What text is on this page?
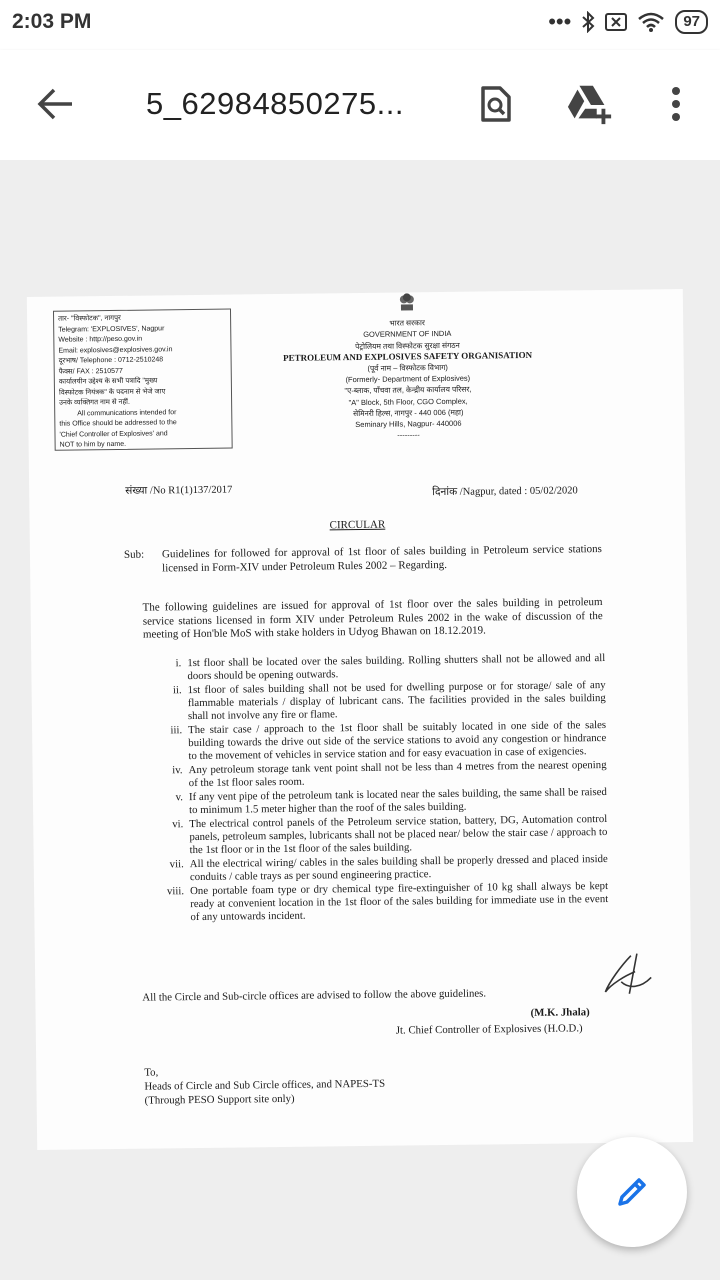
2:03 PM	•••	97
5_62984850275...
तार- "विस्फोटक", नागपुर
Telegram: 'EXPLOSIVES', Nagpur
Website : http://peso.gov.in
Email: explosives@explosives.gov.in
दूरभाष/ Telephone : 0712-2510248
फैक्स/ FAX : 2510577
कार्यालयीन उद्देश्य के सभी पत्रादि "मुख्य
विस्फोटक नियंत्रक" के पदनाम से भेजे जाए
उनके व्यक्तिगत नाम से नहीं.
All communications intended for
this Office should be addressed to the
'Chief Controller of Explosives' and
NOT to him by name.
भारत सरकार
GOVERNMENT OF INDIA
पेट्रोलियम तथा विस्फोटक सुरक्षा संगठन
PETROLEUM AND EXPLOSIVES SAFETY ORGANISATION
(पूर्व नाम – विस्फोटक विभाग)
(Formerly- Department of Explosives)
"ए-ब्लाक, पाँचवा तल, केन्द्रीय कार्यालय परिसर,
"A" Block, 5th Floor, CGO Complex,
सेमिनरी हिल्स, नागपुर - 440 006 (महा)
Seminary Hills, Nagpur- 440006
---------
संख्या /No R1(1)137/2017	दिनांक /Nagpur, dated : 05/02/2020
CIRCULAR
Sub: Guidelines for followed for approval of 1st floor of sales building in Petroleum service stations licensed in Form-XIV under Petroleum Rules 2002 – Regarding.
The following guidelines are issued for approval of 1st floor over the sales building in petroleum service stations licensed in form XIV under Petroleum Rules 2002 in the wake of discussion of the meeting of Hon'ble MoS with stake holders in Udyog Bhawan on 18.12.2019.
i. 1st floor shall be located over the sales building. Rolling shutters shall not be allowed and all doors should be opening outwards.
ii. 1st floor of sales building shall not be used for dwelling purpose or for storage/ sale of any flammable materials / display of lubricant cans. The facilities provided in the sales building shall not involve any fire or flame.
iii. The stair case / approach to the 1st floor shall be suitably located in one side of the sales building towards the drive out side of the service stations to avoid any congestion or hindrance to the movement of vehicles in service station and for easy evacuation in case of exigencies.
iv. Any petroleum storage tank vent point shall not be less than 4 metres from the nearest opening of the 1st floor sales room.
v. If any vent pipe of the petroleum tank is located near the sales building, the same shall be raised to minimum 1.5 meter higher than the roof of the sales building.
vi. The electrical control panels of the Petroleum service station, battery, DG, Automation control panels, petroleum samples, lubricants shall not be placed near/ below the stair case / approach to the 1st floor or in the 1st floor of the sales building.
vii. All the electrical wiring/ cables in the sales building shall be properly dressed and placed inside conduits / cable trays as per sound engineering practice.
viii. One portable foam type or dry chemical type fire-extinguisher of 10 kg shall always be kept ready at convenient location in the 1st floor of the sales building for immediate use in the event of any untowards incident.
All the Circle and Sub-circle offices are advised to follow the above guidelines.
(M.K. Jhala)
Jt. Chief Controller of Explosives (H.O.D.)
To,
Heads of Circle and Sub Circle offices, and NAPES-TS
(Through PESO Support site only)
